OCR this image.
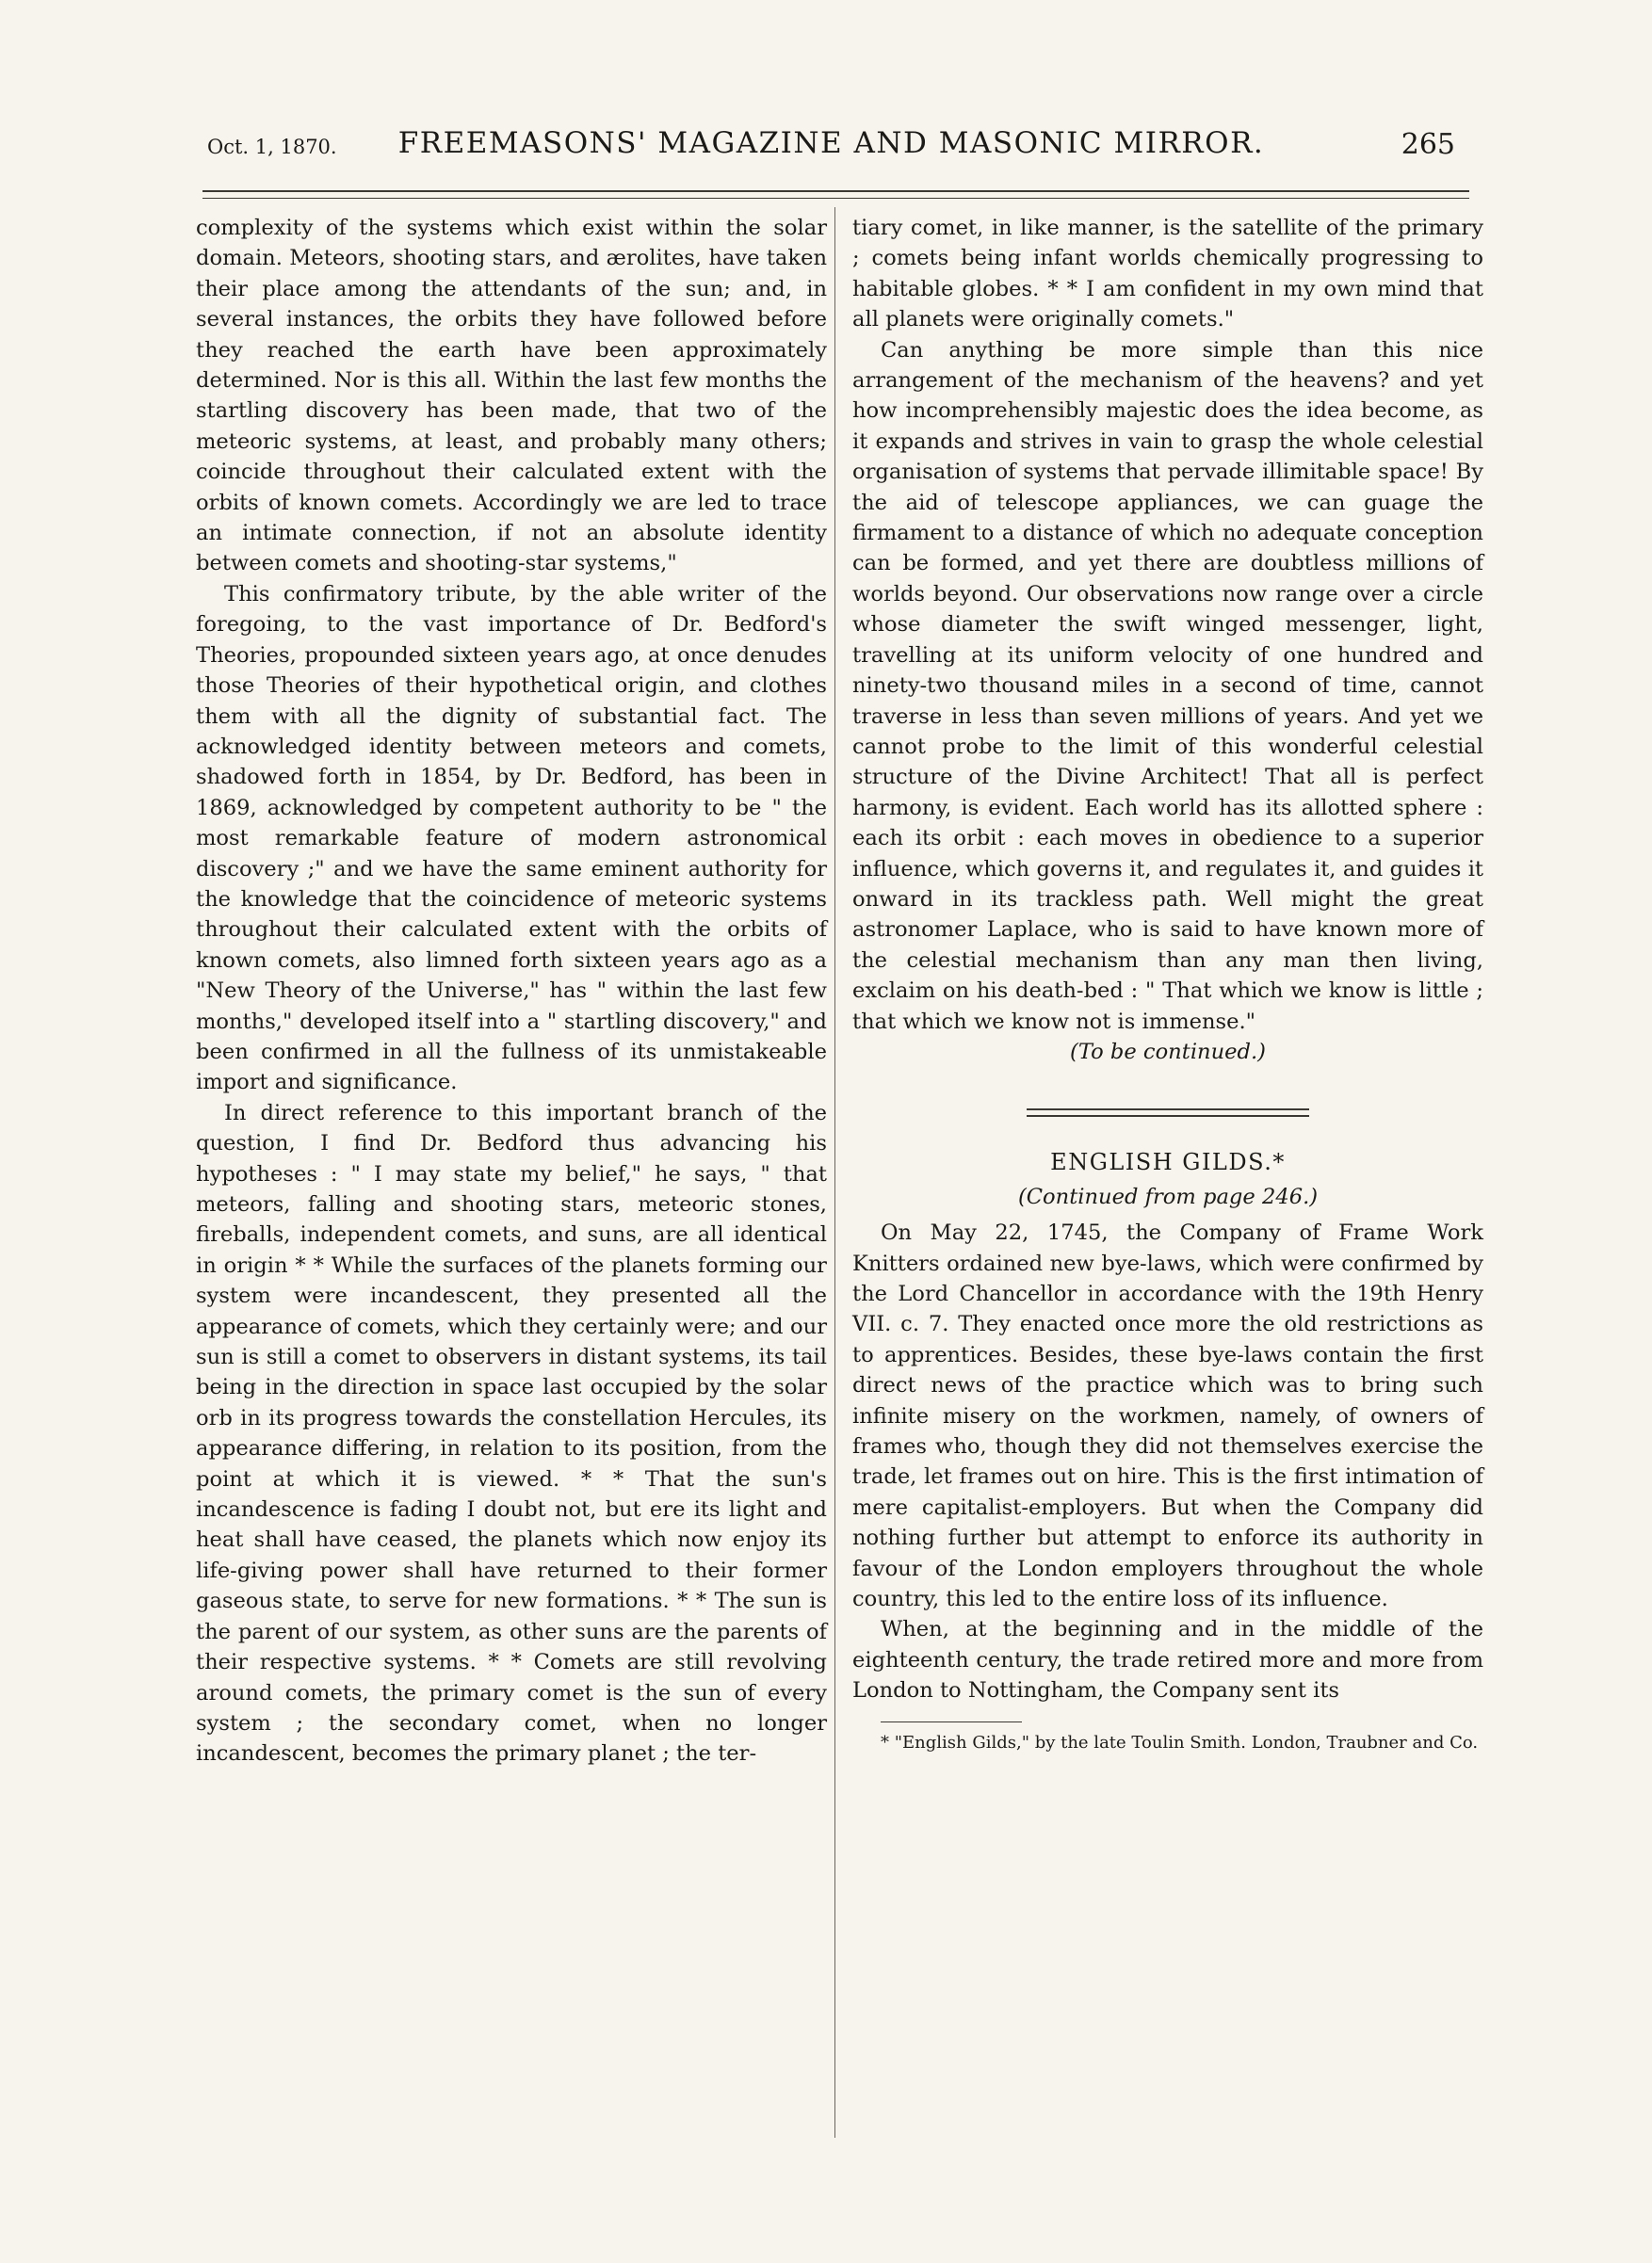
Oct. 1, 1870.	FREEMASONS' MAGAZINE AND MASONIC MIRROR.	265

complexity of the systems which exist within the solar domain. Meteors, shooting stars, and ærolites, have taken their place among the attendants of the sun; and, in several instances, the orbits they have followed before they reached the earth have been approximately determined. Nor is this all. Within the last few months the startling discovery has been made, that two of the meteoric systems, at least, and probably many others; coincide throughout their calculated extent with the orbits of known comets. Accordingly we are led to trace an intimate connection, if not an absolute identity between comets and shooting-star systems,"

This confirmatory tribute, by the able writer of the foregoing, to the vast importance of Dr. Bedford's Theories, propounded sixteen years ago, at once denudes those Theories of their hypothetical origin, and clothes them with all the dignity of substantial fact. The acknowledged identity between meteors and comets, shadowed forth in 1854, by Dr. Bedford, has been in 1869, acknowledged by competent authority to be " the most remarkable feature of modern astronomical discovery ;" and we have the same eminent authority for the knowledge that the coincidence of meteoric systems throughout their calculated extent with the orbits of known comets, also limned forth sixteen years ago as a "New Theory of the Universe," has " within the last few months," developed itself into a " startling discovery," and been confirmed in all the fullness of its unmistakeable import and significance.

In direct reference to this important branch of the question, I find Dr. Bedford thus advancing his hypotheses : " I may state my belief," he says, " that meteors, falling and shooting stars, meteoric stones, fireballs, independent comets, and suns, are all identical in origin * * While the surfaces of the planets forming our system were incandescent, they presented all the appearance of comets, which they certainly were; and our sun is still a comet to observers in distant systems, its tail being in the direction in space last occupied by the solar orb in its progress towards the constellation Hercules, its appearance differing, in relation to its position, from the point at which it is viewed. * * That the sun's incandescence is fading I doubt not, but ere its light and heat shall have ceased, the planets which now enjoy its life-giving power shall have returned to their former gaseous state, to serve for new formations. * * The sun is the parent of our system, as other suns are the parents of their respective systems. * * Comets are still revolving around comets, the primary comet is the sun of every system ; the secondary comet, when no longer incandescent, becomes the primary planet ; the ter-

tiary comet, in like manner, is the satellite of the primary ; comets being infant worlds chemically progressing to habitable globes. * * I am confident in my own mind that all planets were originally comets."

Can anything be more simple than this nice arrangement of the mechanism of the heavens? and yet how incomprehensibly majestic does the idea become, as it expands and strives in vain to grasp the whole celestial organisation of systems that pervade illimitable space! By the aid of telescope appliances, we can guage the firmament to a distance of which no adequate conception can be formed, and yet there are doubtless millions of worlds beyond. Our observations now range over a circle whose diameter the swift winged messenger, light, travelling at its uniform velocity of one hundred and ninety-two thousand miles in a second of time, cannot traverse in less than seven millions of years. And yet we cannot probe to the limit of this wonderful celestial structure of the Divine Architect! That all is perfect harmony, is evident. Each world has its allotted sphere : each its orbit : each moves in obedience to a superior influence, which governs it, and regulates it, and guides it onward in its trackless path. Well might the great astronomer Laplace, who is said to have known more of the celestial mechanism than any man then living, exclaim on his death-bed : " That which we know is little ; that which we know not is immense."

(To be continued.)

ENGLISH GILDS.*
(Continued from page 246.)

On May 22, 1745, the Company of Frame Work Knitters ordained new bye-laws, which were confirmed by the Lord Chancellor in accordance with the 19th Henry VII. c. 7. They enacted once more the old restrictions as to apprentices. Besides, these bye-laws contain the first direct news of the practice which was to bring such infinite misery on the workmen, namely, of owners of frames who, though they did not themselves exercise the trade, let frames out on hire. This is the first intimation of mere capitalist-employers. But when the Company did nothing further but attempt to enforce its authority in favour of the London employers throughout the whole country, this led to the entire loss of its influence.

When, at the beginning and in the middle of the eighteenth century, the trade retired more and more from London to Nottingham, the Company sent its

* "English Gilds," by the late Toulin Smith. London, Traubner and Co.
